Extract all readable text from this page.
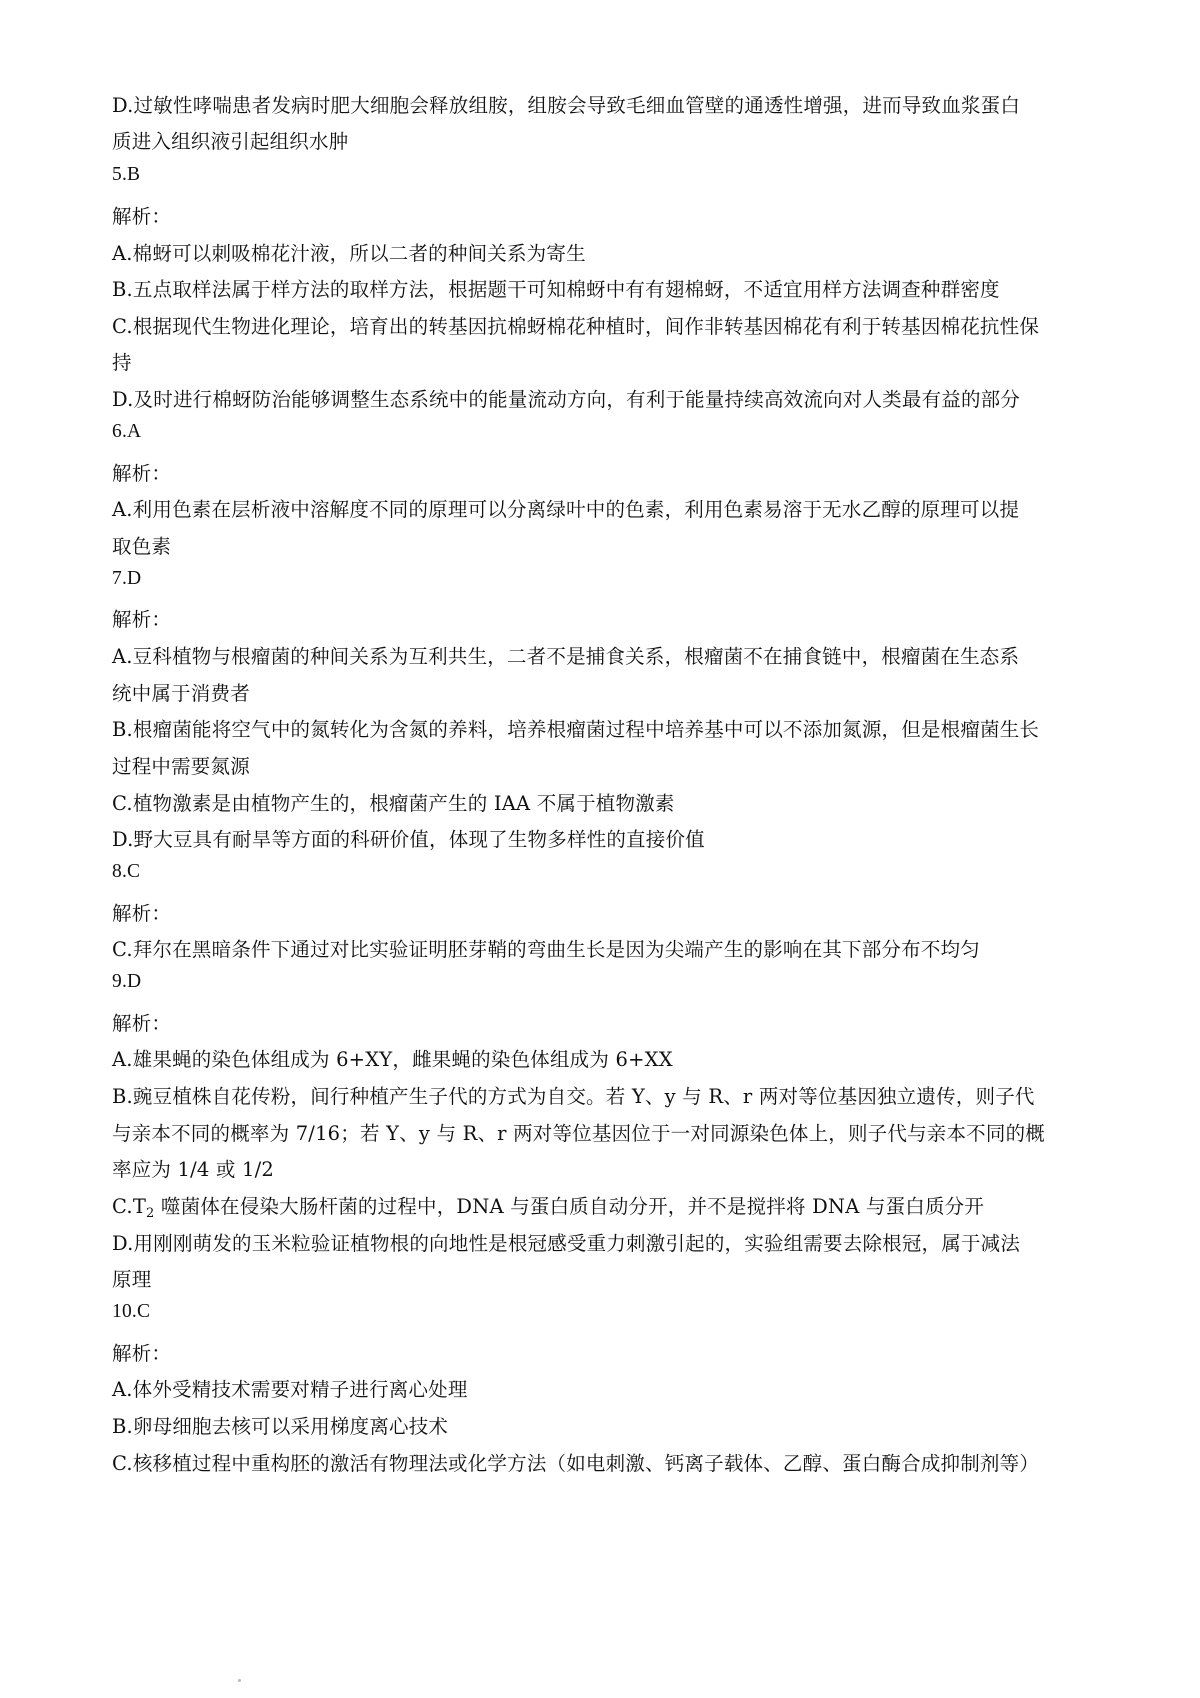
D.过敏性哮喘患者发病时肥大细胞会释放组胺，组胺会导致毛细血管壁的通透性增强，进而导致血浆蛋白
质进入组织液引起组织水肿
5.B
解析：
A.棉蚜可以刺吸棉花汁液，所以二者的种间关系为寄生
B.五点取样法属于样方法的取样方法，根据题干可知棉蚜中有有翅棉蚜，不适宜用样方法调查种群密度
C.根据现代生物进化理论，培育出的转基因抗棉蚜棉花种植时，间作非转基因棉花有利于转基因棉花抗性保
持
D.及时进行棉蚜防治能够调整生态系统中的能量流动方向，有利于能量持续高效流向对人类最有益的部分
6.A
解析：
A.利用色素在层析液中溶解度不同的原理可以分离绿叶中的色素，利用色素易溶于无水乙醇的原理可以提
取色素
7.D
解析：
A.豆科植物与根瘤菌的种间关系为互利共生，二者不是捕食关系，根瘤菌不在捕食链中，根瘤菌在生态系
统中属于消费者
B.根瘤菌能将空气中的氮转化为含氮的养料，培养根瘤菌过程中培养基中可以不添加氮源，但是根瘤菌生长
过程中需要氮源
C.植物激素是由植物产生的，根瘤菌产生的 IAA 不属于植物激素
D.野大豆具有耐旱等方面的科研价值，体现了生物多样性的直接价值
8.C
解析：
C.拜尔在黑暗条件下通过对比实验证明胚芽鞘的弯曲生长是因为尖端产生的影响在其下部分布不均匀
9.D
解析：
A.雄果蝇的染色体组成为 6+XY，雌果蝇的染色体组成为 6+XX
B.豌豆植株自花传粉，间行种植产生子代的方式为自交。若 Y、y 与 R、r 两对等位基因独立遗传，则子代
与亲本不同的概率为 7/16；若 Y、y 与 R、r 两对等位基因位于一对同源染色体上，则子代与亲本不同的概
率应为 1/4 或 1/2
$C.T_2$ 噬菌体在侵染大肠杆菌的过程中，DNA 与蛋白质自动分开，并不是搅拌将 DNA 与蛋白质分开
D.用刚刚萌发的玉米粒验证植物根的向地性是根冠感受重力刺激引起的，实验组需要去除根冠，属于减法
原理
10.C
解析：
A.体外受精技术需要对精子进行离心处理
B.卵母细胞去核可以采用梯度离心技术
C.核移植过程中重构胚的激活有物理法或化学方法（如电刺激、钙离子载体、乙醇、蛋白酶合成抑制剂等）
